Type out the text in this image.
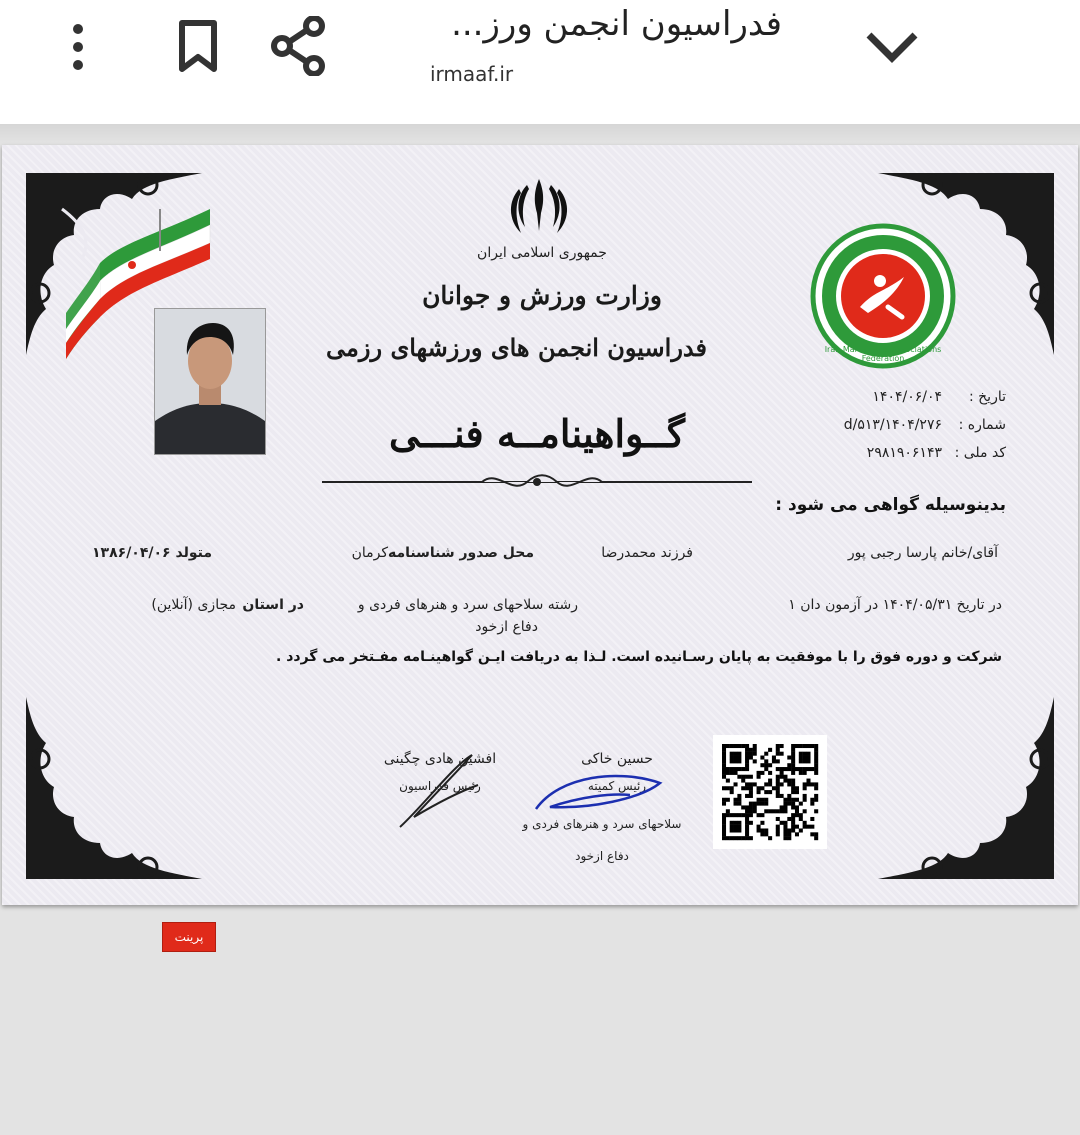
فدراسیون انجمن ورز...
irmaaf.ir
جمهوری اسلامی ایران
وزارت ورزش و جوانان
فدراسیون انجمن های ورزشهای رزمی	Iran Martial Arts Associations Federation
تاریخ :
۱۴۰۴/۰۶/۰۴
شماره :
۱۴۰۴/۲۷۶/d/۵۱۳
کد ملی :
۲۹۸۱۹۰۶۱۴۳
گــواهینامــه فنـــی
بدینوسیله گواهی می شود :
آقای/خانم پارسا رجبی پور
فرزند محمدرضا
محل صدور شناسنامه
کرمان
متولد ۱۳۸۶/۰۴/۰۶
در تاریخ ۱۴۰۴/۰۵/۳۱ در آزمون دان ۱
رشته سلاحهای سرد و هنرهای فردی و
دفاع ازخود
در استان
مجازی (آنلاین)
شرکت و دوره فوق را با موفقیت به پایان رسـانیده است. لـذا به دریافت ایـن گواهینـامه مفـتخر می گردد .
افشین هادی چگینی
رئیس فدراسیون
حسین خاکی
رئیس کمیته
سلاحهای سرد و هنرهای فردی و
دفاع ازخود
پرینت
